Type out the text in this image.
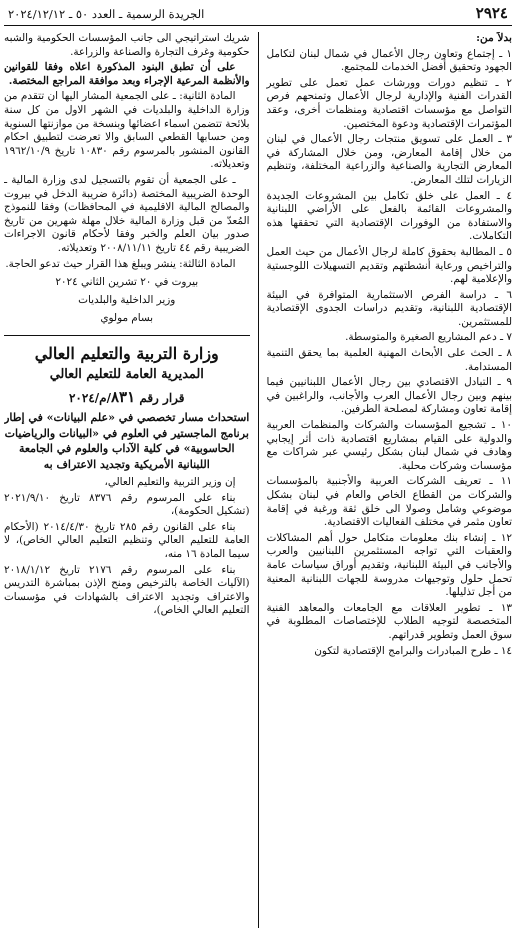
٢٩٢٤
الجريدة الرسمية ـ العدد ٥٠ ـ ٢٠٢٤/١٢/١٢

بدلاً من:

١ ـ إجتماع وتعاون رجال الأعمال في شمال لبنان لتكامل الجهود وتحقيق أفضل الخدمات للمجتمع.

٢ ـ تنظيم دورات وورشات عمل تعمل على تطوير القدرات الفنية والإدارية لرجال الأعمال وتمنحهم فرص التواصل مع مؤسسات اقتصادية ومنظمات أخرى، وعقد المؤتمرات الإقتصادية ودعوة المختصين.

٣ ـ العمل على تسويق منتجات رجال الأعمال في لبنان من خلال إقامة المعارض، ومن خلال المشاركة في المعارض التجارية والصناعية والزراعية المختلفة، وتنظيم الزيارات لتلك المعارض.

٤ ـ العمل على خلق تكامل بين المشروعات الجديدة والمشروعات القائمة بالفعل على الأراضي اللبنانية والاستفادة من الوفورات الإقتصادية التي تحققها هذه التكاملات.

٥ ـ المطالبة بحقوق كاملة لرجال الأعمال من حيث العمل والتراخيص ورعاية أنشطتهم وتقديم التسهيلات اللوجستية والإعلامية لهم.

٦ ـ دراسة الفرص الاستثمارية المتوافرة في البيئة الإقتصادية اللبنانية، وتقديم دراسات الجدوى الإقتصادية للمستثمرين.

٧ ـ دعم المشاريع الصغيرة والمتوسطة.

٨ ـ الحث على الأبحاث المهنية العلمية بما يحقق التنمية المستدامة.

٩ ـ التبادل الاقتصادي بين رجال الأعمال اللبنانيين فيما بينهم وبين رجال الأعمال العرب والأجانب، والراغبين في إقامة تعاون ومشاركة لمصلحة الطرفين.

١٠ ـ تشجيع المؤسسات والشركات والمنظمات العربية والدولية على القيام بمشاريع اقتصادية ذات أثر إيجابي وهادف في شمال لبنان بشكل رئيسي عبر شراكات مع مؤسسات وشركات محلية.

١١ ـ تعريف الشركات العربية والأجنبية بالمؤسسات والشركات من القطاع الخاص والعام في لبنان بشكل موضوعي وشامل وصولا الى خلق ثقة ورغبة في إقامة تعاون مثمر في مختلف الفعاليات الاقتصادية.

١٢ ـ إنشاء بنك معلومات متكامل حول أهم المشاكلات والعقبات التي تواجه المستثمرين اللبنانيين والعرب والأجانب في البيئة اللبنانية، وتقديم أوراق سياسات عامة تحمل حلول وتوجيهات مدروسة للجهات اللبنانية المعنية من أجل تذليلها.

١٣ ـ تطوير العلاقات مع الجامعات والمعاهد الفنية المتخصصة لتوجيه الطلاب للإختصاصات المطلوبة في سوق العمل وتطوير قدراتهم.

١٤ ـ طرح المبادرات والبرامج الإقتصادية لتكون

شريك استراتيجي الى جانب المؤسسات الحكومية والشبه حكومية وغرف التجارة والصناعة والزراعة.

على أن تطبق البنود المذكورة اعلاه وفقا للقوانين والأنظمة المرعية الإجراء وبعد موافقة المراجع المختصة.

المادة الثانية: ـ على الجمعية المشار اليها ان تتقدم من وزارة الداخلية والبلديات في الشهر الاول من كل سنة بلائحة تتضمن اسماء اعضائها وبنسخة من موازنتها السنوية ومن حسابها القطعي السابق والا تعرضت لتطبيق احكام القانون المنشور بالمرسوم رقم ١٠٨٣٠ تاريخ ١٩٦٢/١٠/٩ وتعديلاته.

ـ على الجمعية أن تقوم بالتسجيل لدى وزارة المالية ـ الوحدة الضريبية المختصة (دائرة ضريبة الدخل في بيروت والمصالح المالية الاقليمية في المحافظات) وفقا للنموذج المُعدّ من قبل وزارة المالية خلال مهلة شهرين من تاريخ صدور بيان العلم والخبر وفقا لأحكام قانون الاجراءات الضريبية رقم ٤٤ تاريخ ٢٠٠٨/١١/١١ وتعديلاته.

المادة الثالثة: ينشر ويبلغ هذا القرار حيث تدعو الحاجة.

بيروت في ٢٠ تشرين الثاني ٢٠٢٤

وزير الداخلية والبلديات

بسام مولوي

وزارة التربية والتعليم العالي
المديرية العامة للتعليم العالي
قرار رقم ٨٣١/م/٢٠٢٤
استحداث مسار تخصصي في «علم البيانات» في إطار برنامج الماجستير في العلوم في «البيانات والرياضيات الحاسوبية» في كلية الآداب والعلوم في الجامعة اللبنانية الأمريكية وتجديد الاعتراف به

إن وزير التربية والتعليم العالي،

بناء على المرسوم رقم ٨٣٧٦ تاريخ ٢٠٢١/٩/١٠ (تشكيل الحكومة)،

بناء على القانون رقم ٢٨٥ تاريخ ٢٠١٤/٤/٣٠ (الأحكام العامة للتعليم العالي وتنظيم التعليم العالي الخاص)، لا سيما المادة ١٦ منه،

بناء على المرسوم رقم ٢١٧٦ تاريخ ٢٠١٨/١/١٢ (الآليات الخاصة بالترخيص ومنح الإذن بمباشرة التدريس والاعتراف وتجديد الاعتراف بالشهادات في مؤسسات التعليم العالي الخاص)،
